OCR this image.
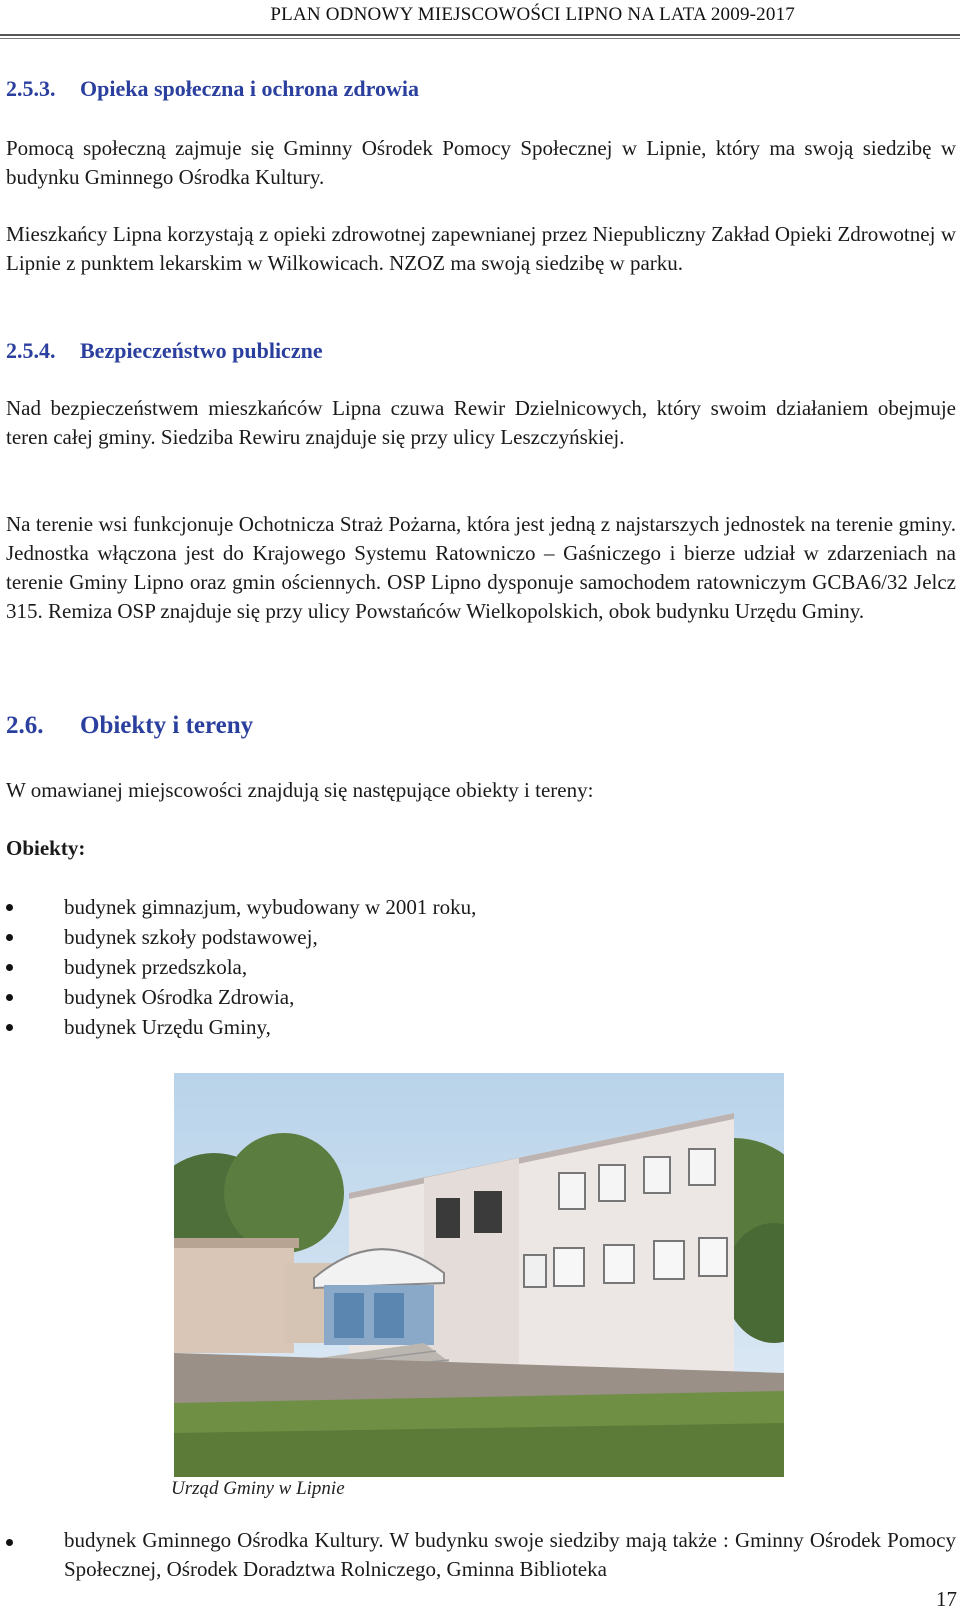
PLAN ODNOWY MIEJSCOWOŚCI LIPNO NA LATA 2009-2017
2.5.3. Opieka społeczna i ochrona zdrowia
Pomocą społeczną zajmuje się Gminny Ośrodek Pomocy Społecznej w Lipnie, który ma swoją siedzibę w budynku Gminnego Ośrodka Kultury.
Mieszkańcy Lipna korzystają z opieki zdrowotnej zapewnianej przez Niepubliczny Zakład Opieki Zdrowotnej w Lipnie z punktem lekarskim w Wilkowicach. NZOZ ma swoją siedzibę w parku.
2.5.4. Bezpieczeństwo publiczne
Nad bezpieczeństwem mieszkańców Lipna czuwa Rewir Dzielnicowych, który swoim działaniem obejmuje teren całej gminy. Siedziba Rewiru znajduje się przy ulicy Leszczyńskiej.
Na terenie wsi funkcjonuje Ochotnicza Straż Pożarna, która jest jedną z najstarszych jednostek na terenie gminy. Jednostka włączona jest do Krajowego Systemu Ratowniczo – Gaśniczego i bierze udział w zdarzeniach na terenie Gminy Lipno oraz gmin ościennych. OSP Lipno dysponuje samochodem ratowniczym GCBA6/32 Jelcz 315. Remiza OSP znajduje się przy ulicy Powstańców Wielkopolskich, obok budynku Urzędu Gminy.
2.6. Obiekty i tereny
W omawianej miejscowości znajdują się następujące obiekty i tereny:
Obiekty:
budynek gimnazjum, wybudowany w 2001 roku,
budynek szkoły podstawowej,
budynek przedszkola,
budynek Ośrodka Zdrowia,
budynek Urzędu Gminy,
Urząd Gminy w Lipnie
budynek Gminnego Ośrodka Kultury. W budynku swoje siedziby mają także : Gminny Ośrodek Pomocy Społecznej, Ośrodek Doradztwa Rolniczego, Gminna Biblioteka
17
